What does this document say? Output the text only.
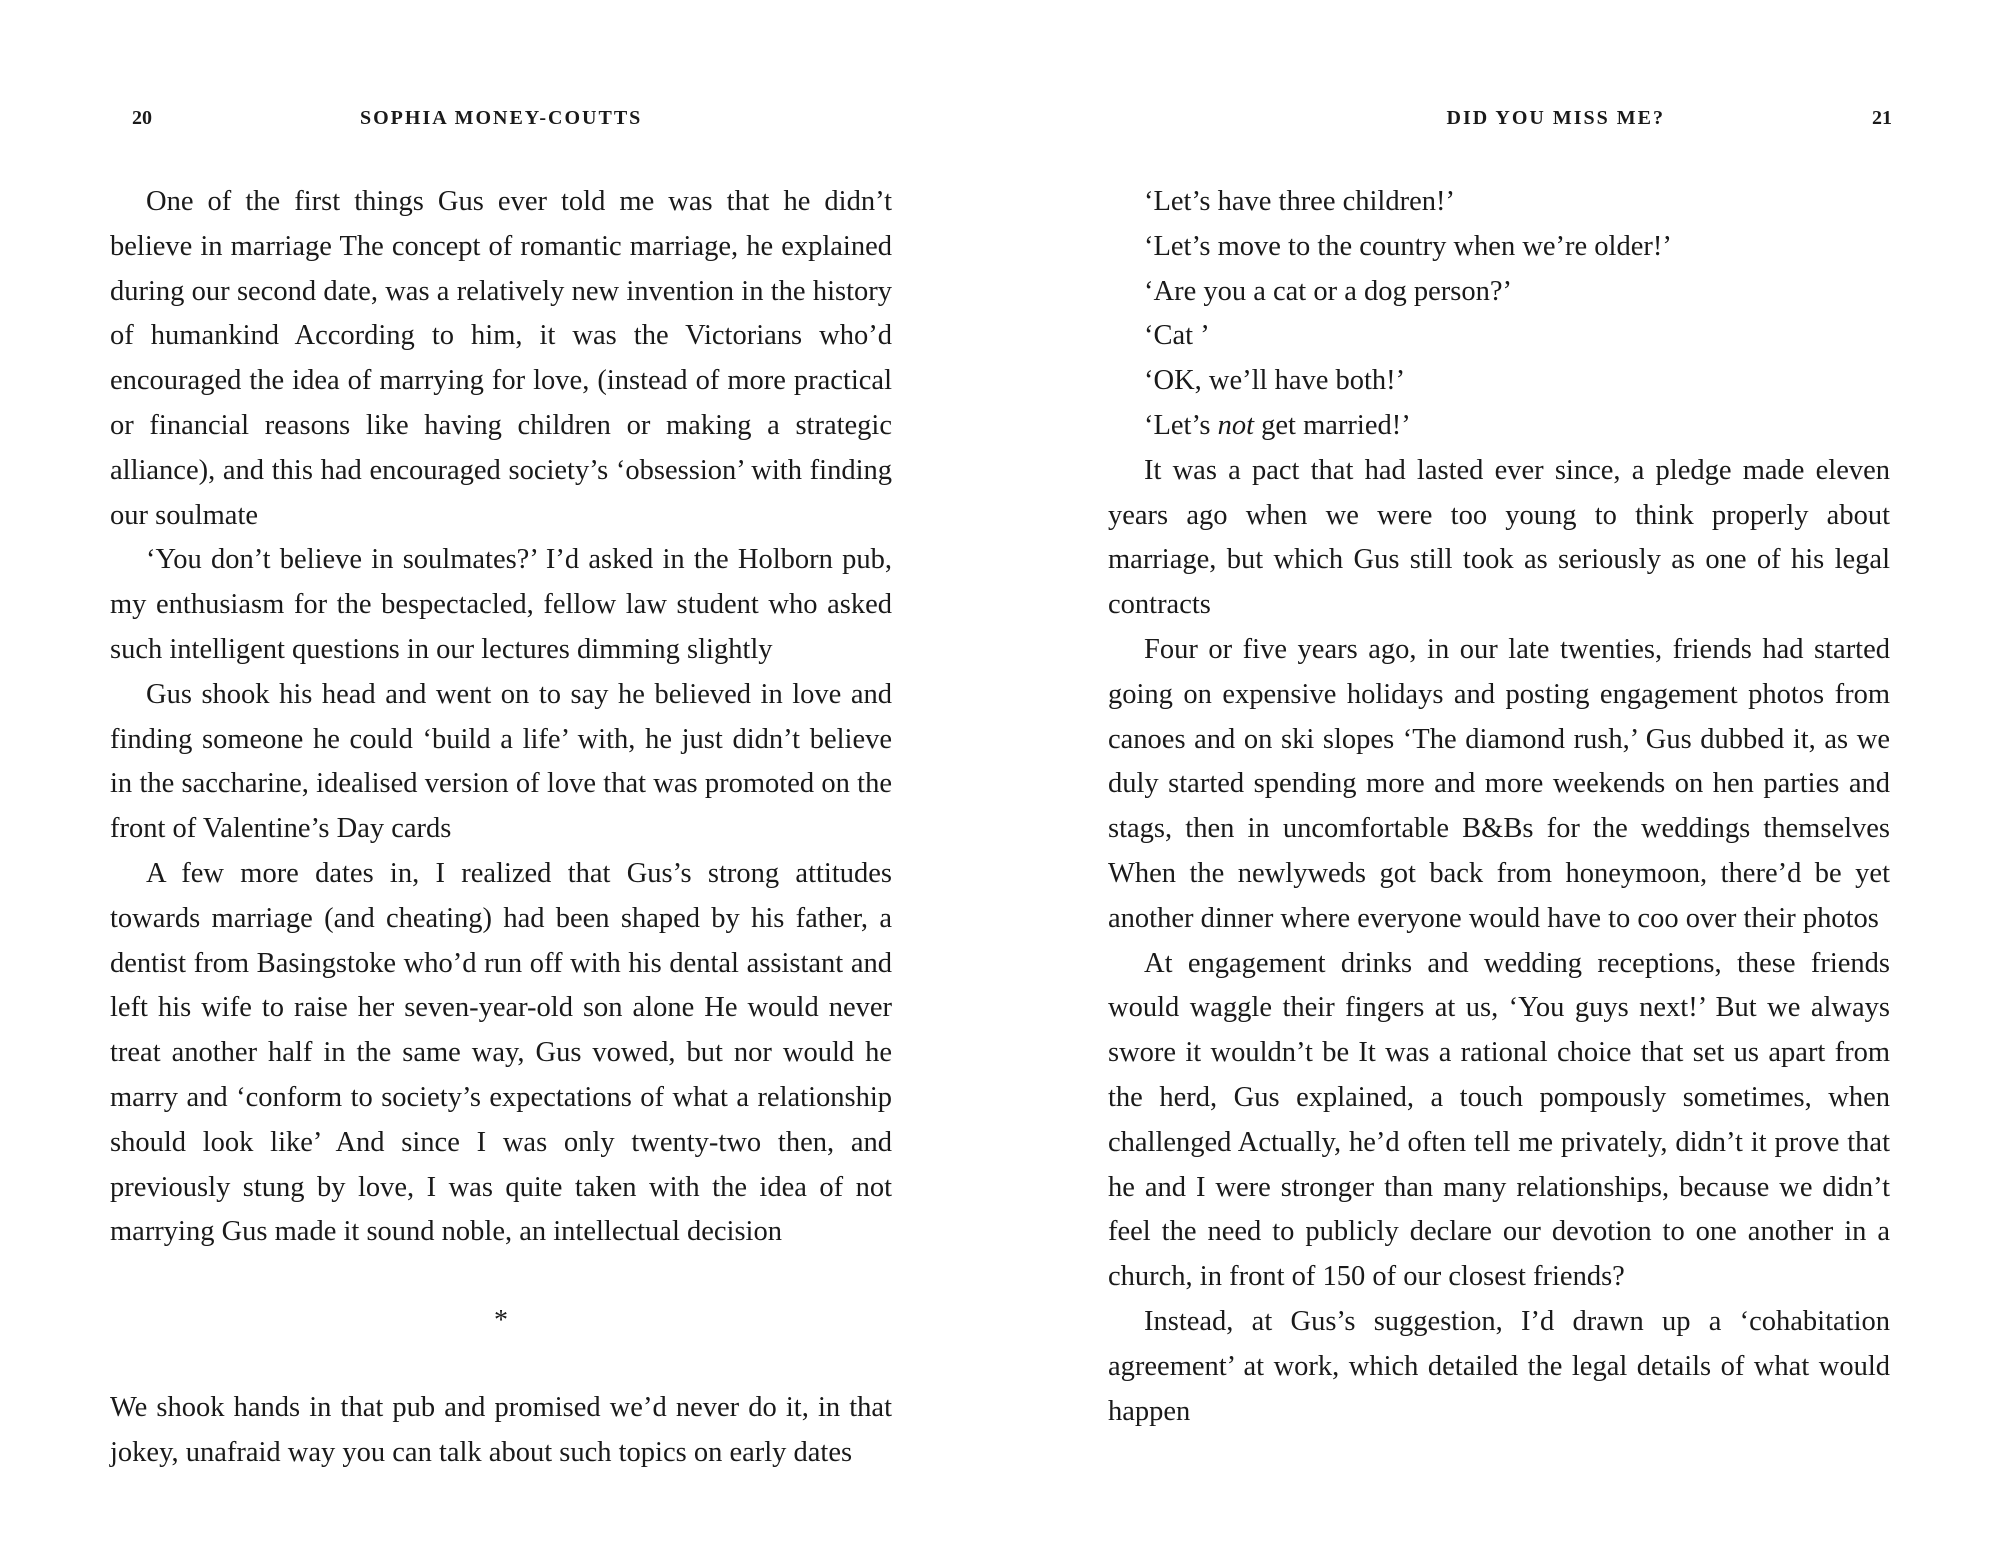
20	SOPHIA MONEY-COUTTS

One of the first things Gus ever told me was that he didn’t believe in marriage The concept of romantic marriage, he explained during our second date, was a relatively new invention in the history of humankind According to him, it was the Victorians who’d encouraged the idea of marrying for love, (instead of more practical or financial reasons like having children or making a strategic alliance), and this had encouraged society’s ‘obsession’ with finding our soulmate

‘You don’t believe in soulmates?’ I’d asked in the Holborn pub, my enthusiasm for the bespectacled, fellow law student who asked such intelligent questions in our lectures dimming slightly

Gus shook his head and went on to say he believed in love and finding someone he could ‘build a life’ with, he just didn’t believe in the saccharine, idealised version of love that was promoted on the front of Valentine’s Day cards

A few more dates in, I realized that Gus’s strong attitudes towards marriage (and cheating) had been shaped by his father, a dentist from Basingstoke who’d run off with his dental assistant and left his wife to raise her seven-year-old son alone He would never treat another half in the same way, Gus vowed, but nor would he marry and ‘conform to society’s expectations of what a relationship should look like’ And since I was only twenty-two then, and previously stung by love, I was quite taken with the idea of not marrying Gus made it sound noble, an intellectual decision

*

We shook hands in that pub and promised we’d never do it, in that jokey, unafraid way you can talk about such topics on early dates

DID YOU MISS ME?	21

‘Let’s have three children!’

‘Let’s move to the country when we’re older!’

‘Are you a cat or a dog person?’

‘Cat ’

‘OK, we’ll have both!’

‘Let’s not get married!’

It was a pact that had lasted ever since, a pledge made eleven years ago when we were too young to think properly about marriage, but which Gus still took as seriously as one of his legal contracts

Four or five years ago, in our late twenties, friends had started going on expensive holidays and posting engagement photos from canoes and on ski slopes ‘The diamond rush,’ Gus dubbed it, as we duly started spending more and more weekends on hen parties and stags, then in uncomfortable B&Bs for the weddings themselves When the newlyweds got back from honeymoon, there’d be yet another dinner where everyone would have to coo over their photos

At engagement drinks and wedding receptions, these friends would waggle their fingers at us, ‘You guys next!’ But we always swore it wouldn’t be It was a rational choice that set us apart from the herd, Gus explained, a touch pompously sometimes, when challenged Actually, he’d often tell me privately, didn’t it prove that he and I were stronger than many relationships, because we didn’t feel the need to publicly declare our devotion to one another in a church, in front of 150 of our closest friends?

Instead, at Gus’s suggestion, I’d drawn up a ‘cohabitation agreement’ at work, which detailed the legal details of what would happen
